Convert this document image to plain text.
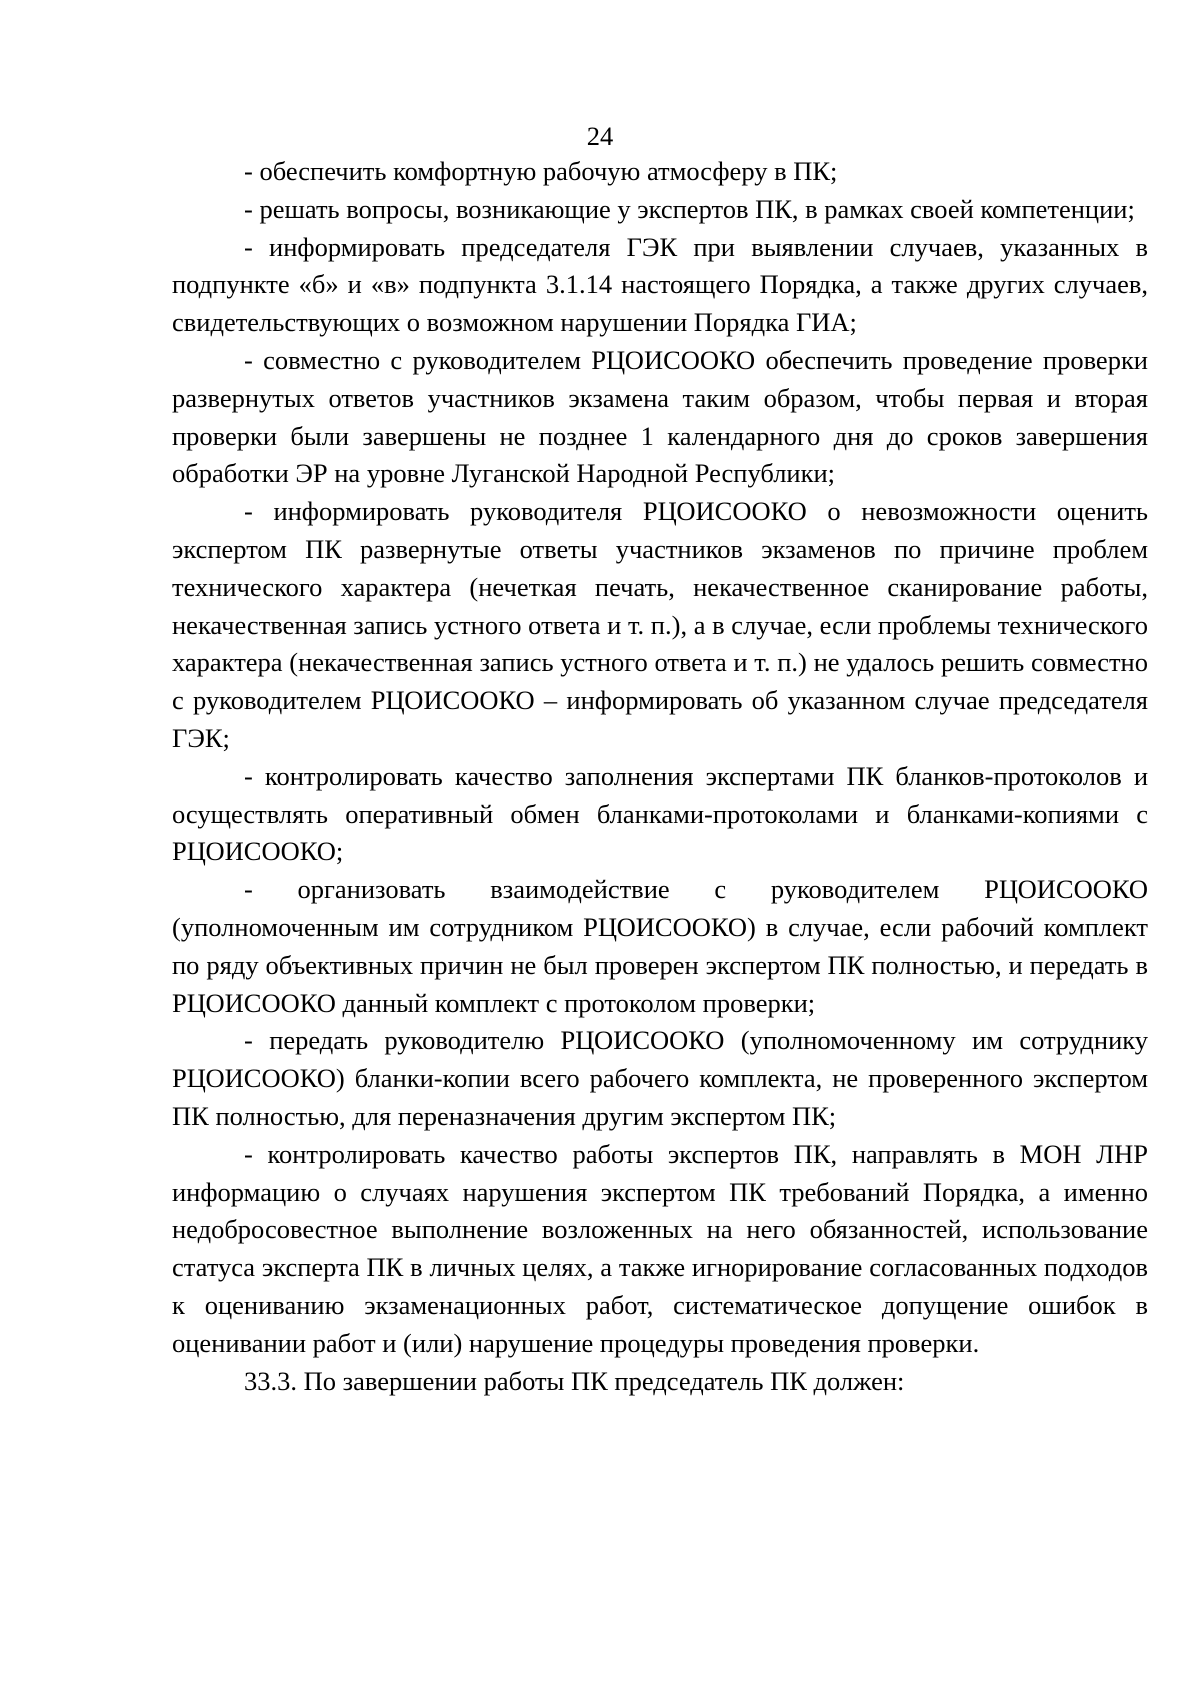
24

- обеспечить комфортную рабочую атмосферу в ПК;

- решать вопросы, возникающие у экспертов ПК, в рамках своей компетенции;

- информировать председателя ГЭК при выявлении случаев, указанных в подпункте «б» и «в» подпункта 3.1.14 настоящего Порядка, а также других случаев, свидетельствующих о возможном нарушении Порядка ГИА;

- совместно с руководителем РЦОИСООКО обеспечить проведение проверки развернутых ответов участников экзамена таким образом, чтобы первая и вторая проверки были завершены не позднее 1 календарного дня до сроков завершения обработки ЭР на уровне Луганской Народной Республики;

- информировать руководителя РЦОИСООКО о невозможности оценить экспертом ПК развернутые ответы участников экзаменов по причине проблем технического характера (нечеткая печать, некачественное сканирование работы, некачественная запись устного ответа и т. п.), а в случае, если проблемы технического характера (некачественная запись устного ответа и т. п.) не удалось решить совместно с руководителем РЦОИСООКО – информировать об указанном случае председателя ГЭК;

- контролировать качество заполнения экспертами ПК бланков-протоколов и осуществлять оперативный обмен бланками-протоколами и бланками-копиями с РЦОИСООКО;

- организовать взаимодействие с руководителем РЦОИСООКО (уполномоченным им сотрудником РЦОИСООКО) в случае, если рабочий комплект по ряду объективных причин не был проверен экспертом ПК полностью, и передать в РЦОИСООКО данный комплект с протоколом проверки;

- передать руководителю РЦОИСООКО (уполномоченному им сотруднику РЦОИСООКО) бланки-копии всего рабочего комплекта, не проверенного экспертом ПК полностью, для переназначения другим экспертом ПК;

- контролировать качество работы экспертов ПК, направлять в МОН ЛНР информацию о случаях нарушения экспертом ПК требований Порядка, а именно недобросовестное выполнение возложенных на него обязанностей, использование статуса эксперта ПК в личных целях, а также игнорирование согласованных подходов к оцениванию экзаменационных работ, систематическое допущение ошибок в оценивании работ и (или) нарушение процедуры проведения проверки.

33.3. По завершении работы ПК председатель ПК должен:
